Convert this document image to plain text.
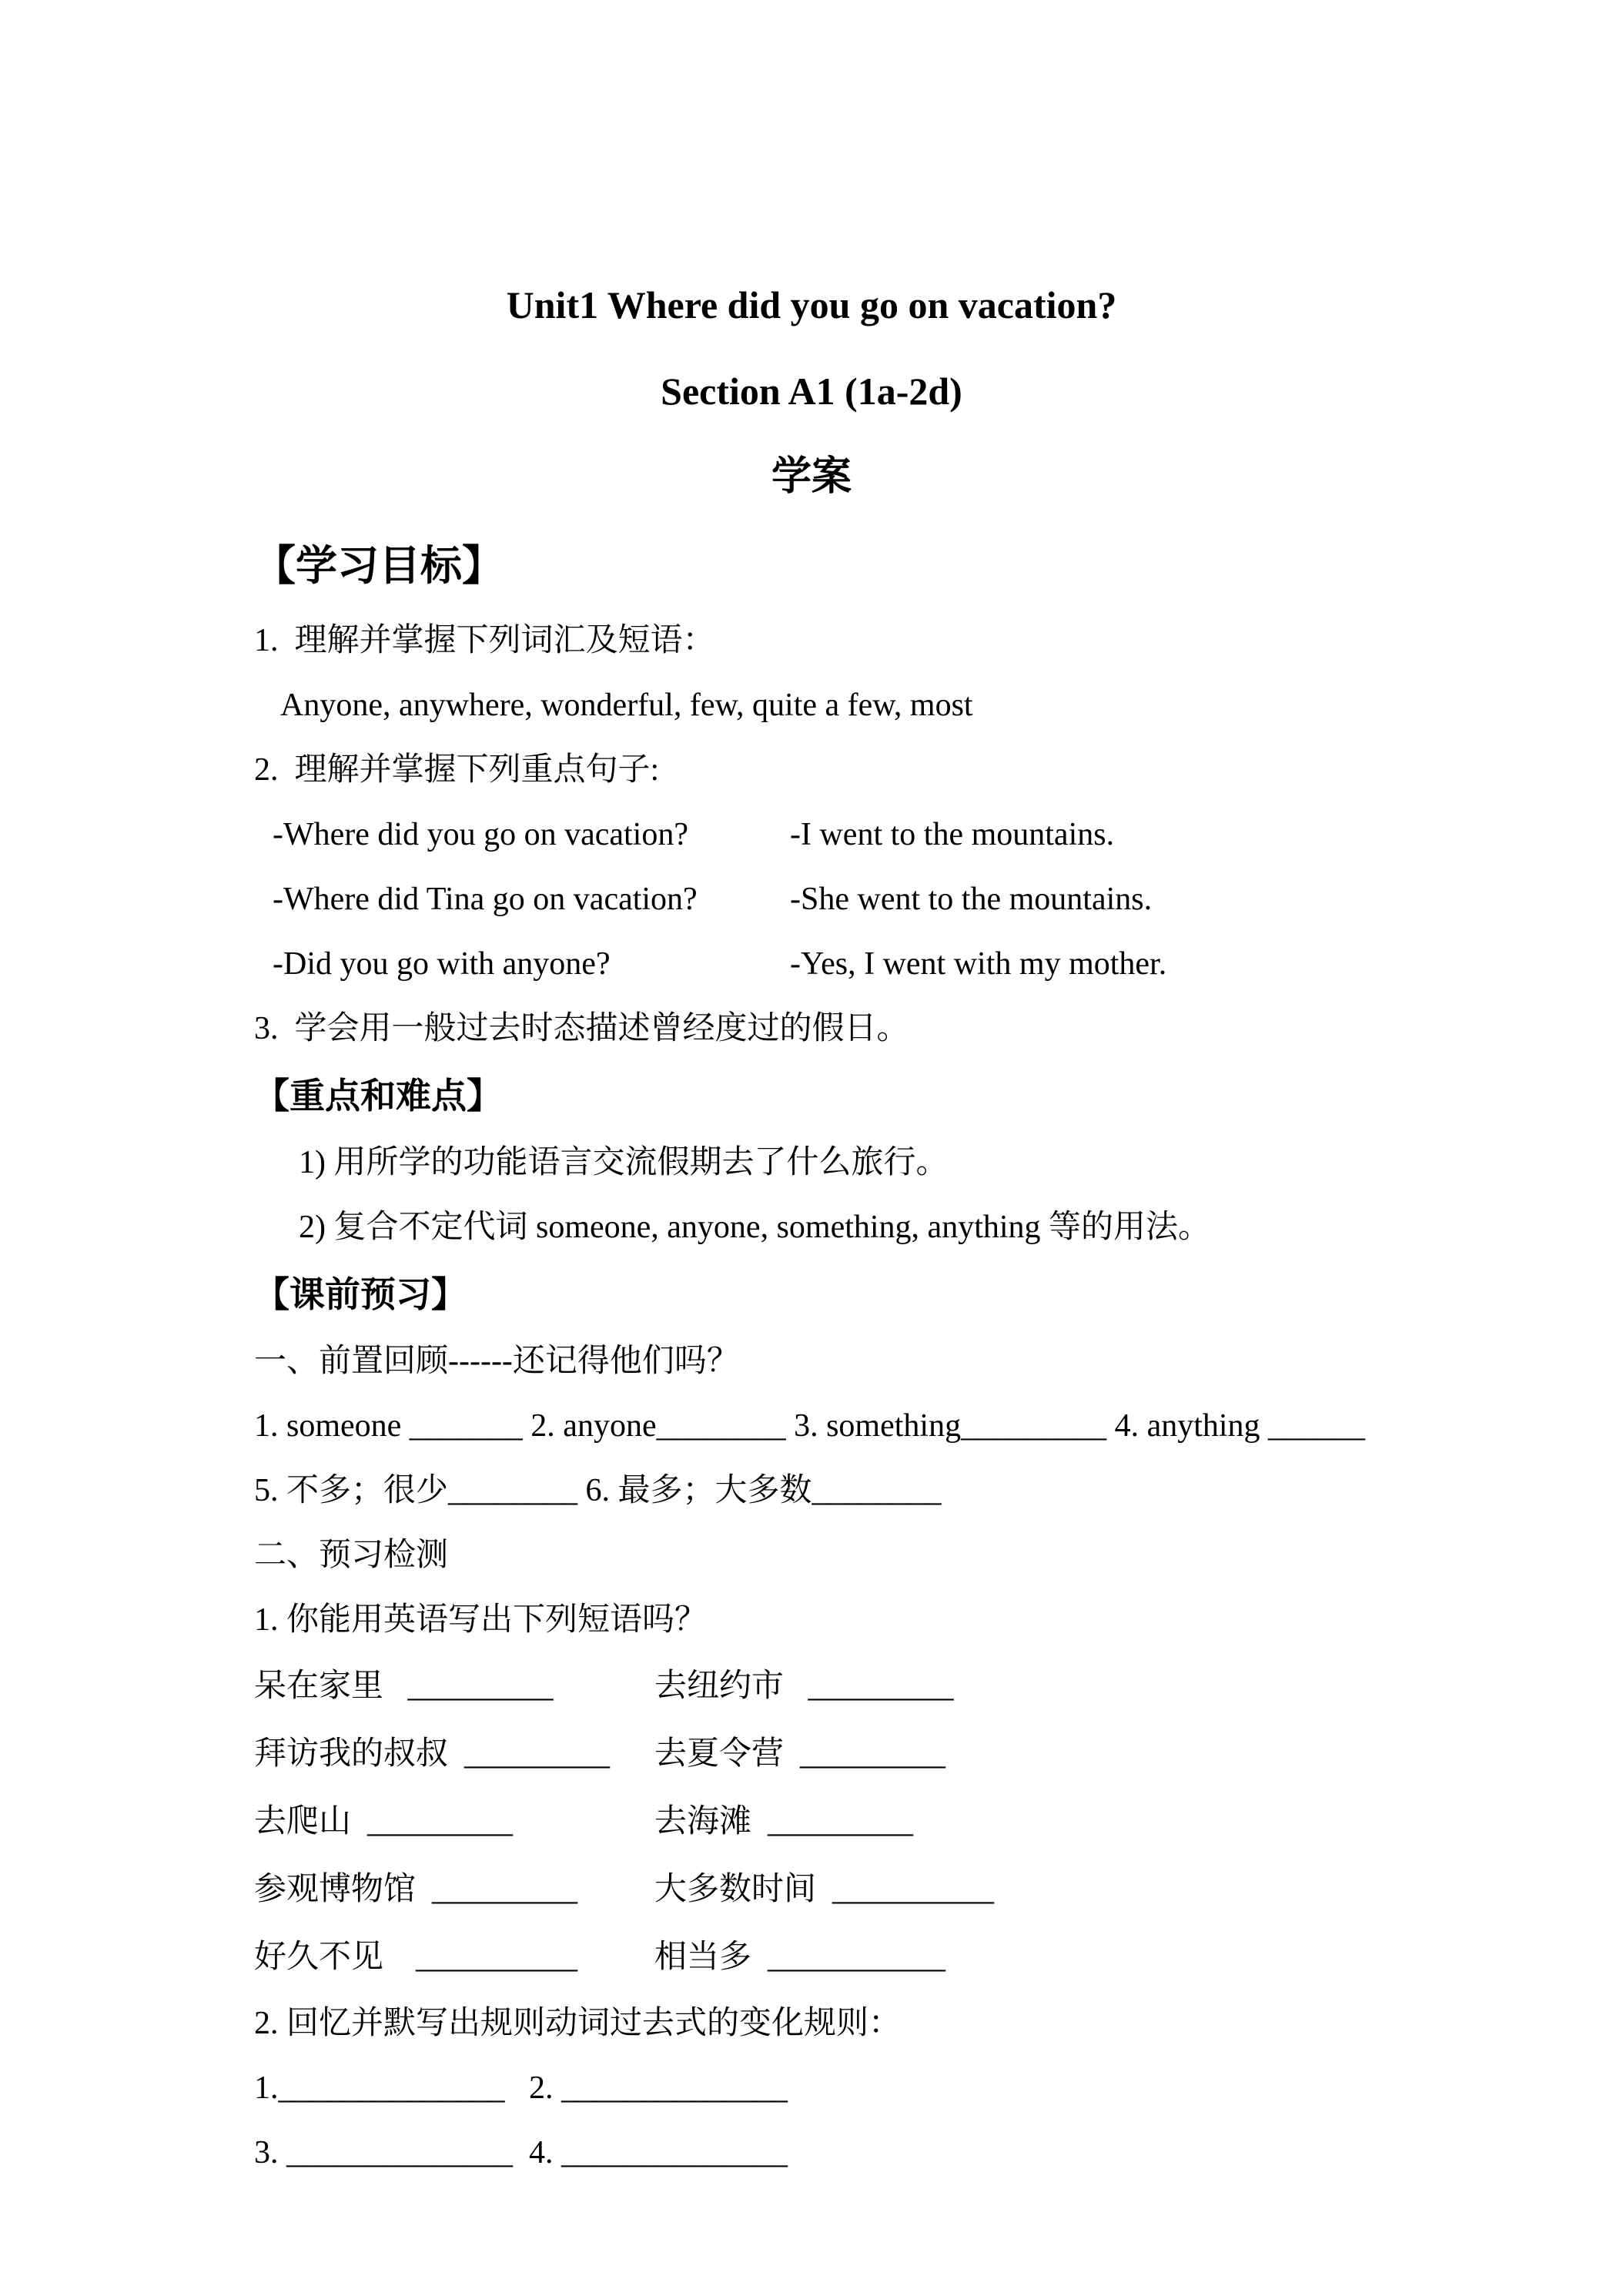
Unit1 Where did you go on vacation?
Section A1 (1a-2d)
学案
【学习目标】
1.  理解并掌握下列词汇及短语：
Anyone, anywhere, wonderful, few, quite a few, most
2.  理解并掌握下列重点句子:
-Where did you go on vacation?	-I went to the mountains.
-Where did Tina go on vacation?	-She went to the mountains.
-Did you go with anyone?	-Yes, I went with my mother.
3.  学会用一般过去时态描述曾经度过的假日。
【重点和难点】
1) 用所学的功能语言交流假期去了什么旅行。
2) 复合不定代词 someone, anyone, something, anything 等的用法。
【课前预习】
一、前置回顾------还记得他们吗？
1. someone _______ 2. anyone________ 3. something_________ 4. anything ______
5. 不多；很少________ 6. 最多；大多数________
二、预习检测
1. 你能用英语写出下列短语吗？
呆在家里   _________	去纽约市   _________
拜访我的叔叔  _________	去夏令营  _________
去爬山  _________	去海滩  _________
参观博物馆  _________	大多数时间  __________
好久不见    __________	相当多  ___________
2. 回忆并默写出规则动词过去式的变化规则：
1.______________   2. ______________
3. ______________  4. ______________
